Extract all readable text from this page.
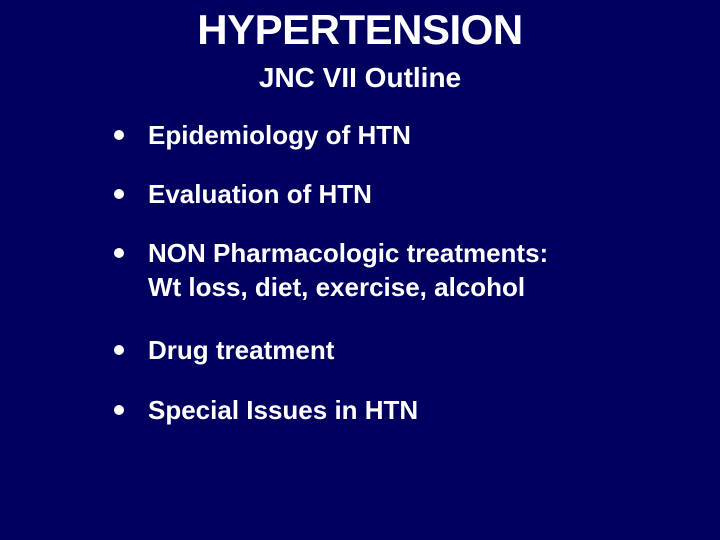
HYPERTENSION
JNC VII Outline
Epidemiology of HTN
Evaluation of HTN
NON Pharmacologic treatments:
Wt loss, diet, exercise, alcohol
Drug treatment
Special Issues in HTN
